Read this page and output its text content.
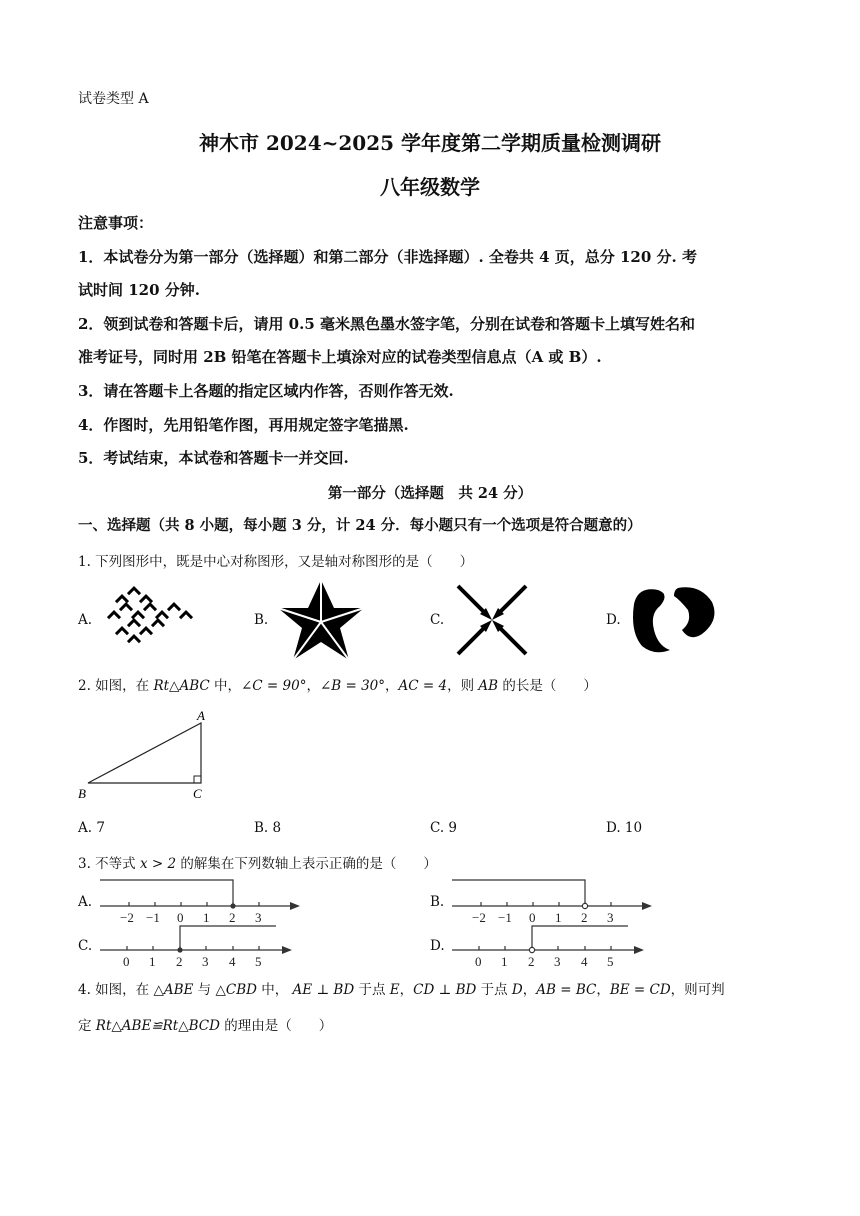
试卷类型 A
神木市 2024~2025 学年度第二学期质量检测调研
八年级数学
注意事项：
1．本试卷分为第一部分（选择题）和第二部分（非选择题）. 全卷共 4 页，总分 120 分. 考
试时间 120 分钟.
2．领到试卷和答题卡后，请用 0.5 毫米黑色墨水签字笔，分别在试卷和答题卡上填写姓名和
准考证号，同时用 2B 铅笔在答题卡上填涂对应的试卷类型信息点（A 或 B）.
3．请在答题卡上各题的指定区域内作答，否则作答无效.
4．作图时，先用铅笔作图，再用规定签字笔描黑.
5．考试结束，本试卷和答题卡一并交回.
第一部分（选择题　共 24 分）
一、选择题（共 8 小题，每小题 3 分，计 24 分．每小题只有一个选项是符合题意的）
1. 下列图形中，既是中心对称图形，又是轴对称图形的是（　　）
A.	B.	C.	D.
2. 如图，在 Rt△ABC 中，∠C = 90°，∠B = 30°，AC = 4，则 AB 的长是（　　）
A
B	C
A. 7	B. 8	C. 9	D. 10
3. 不等式 x > 2 的解集在下列数轴上表示正确的是（　　）
A.	B.
C.	D.
−2 −1 0 1 2 3	−2 −1 0 1 2 3
0 1 2 3 4 5	0 1 2 3 4 5
4. 如图，在 △ABE 与 △CBD 中， AE ⊥ BD 于点 E，CD ⊥ BD 于点 D，AB = BC，BE = CD，则可判
定 Rt△ABE≌Rt△BCD 的理由是（　　）
